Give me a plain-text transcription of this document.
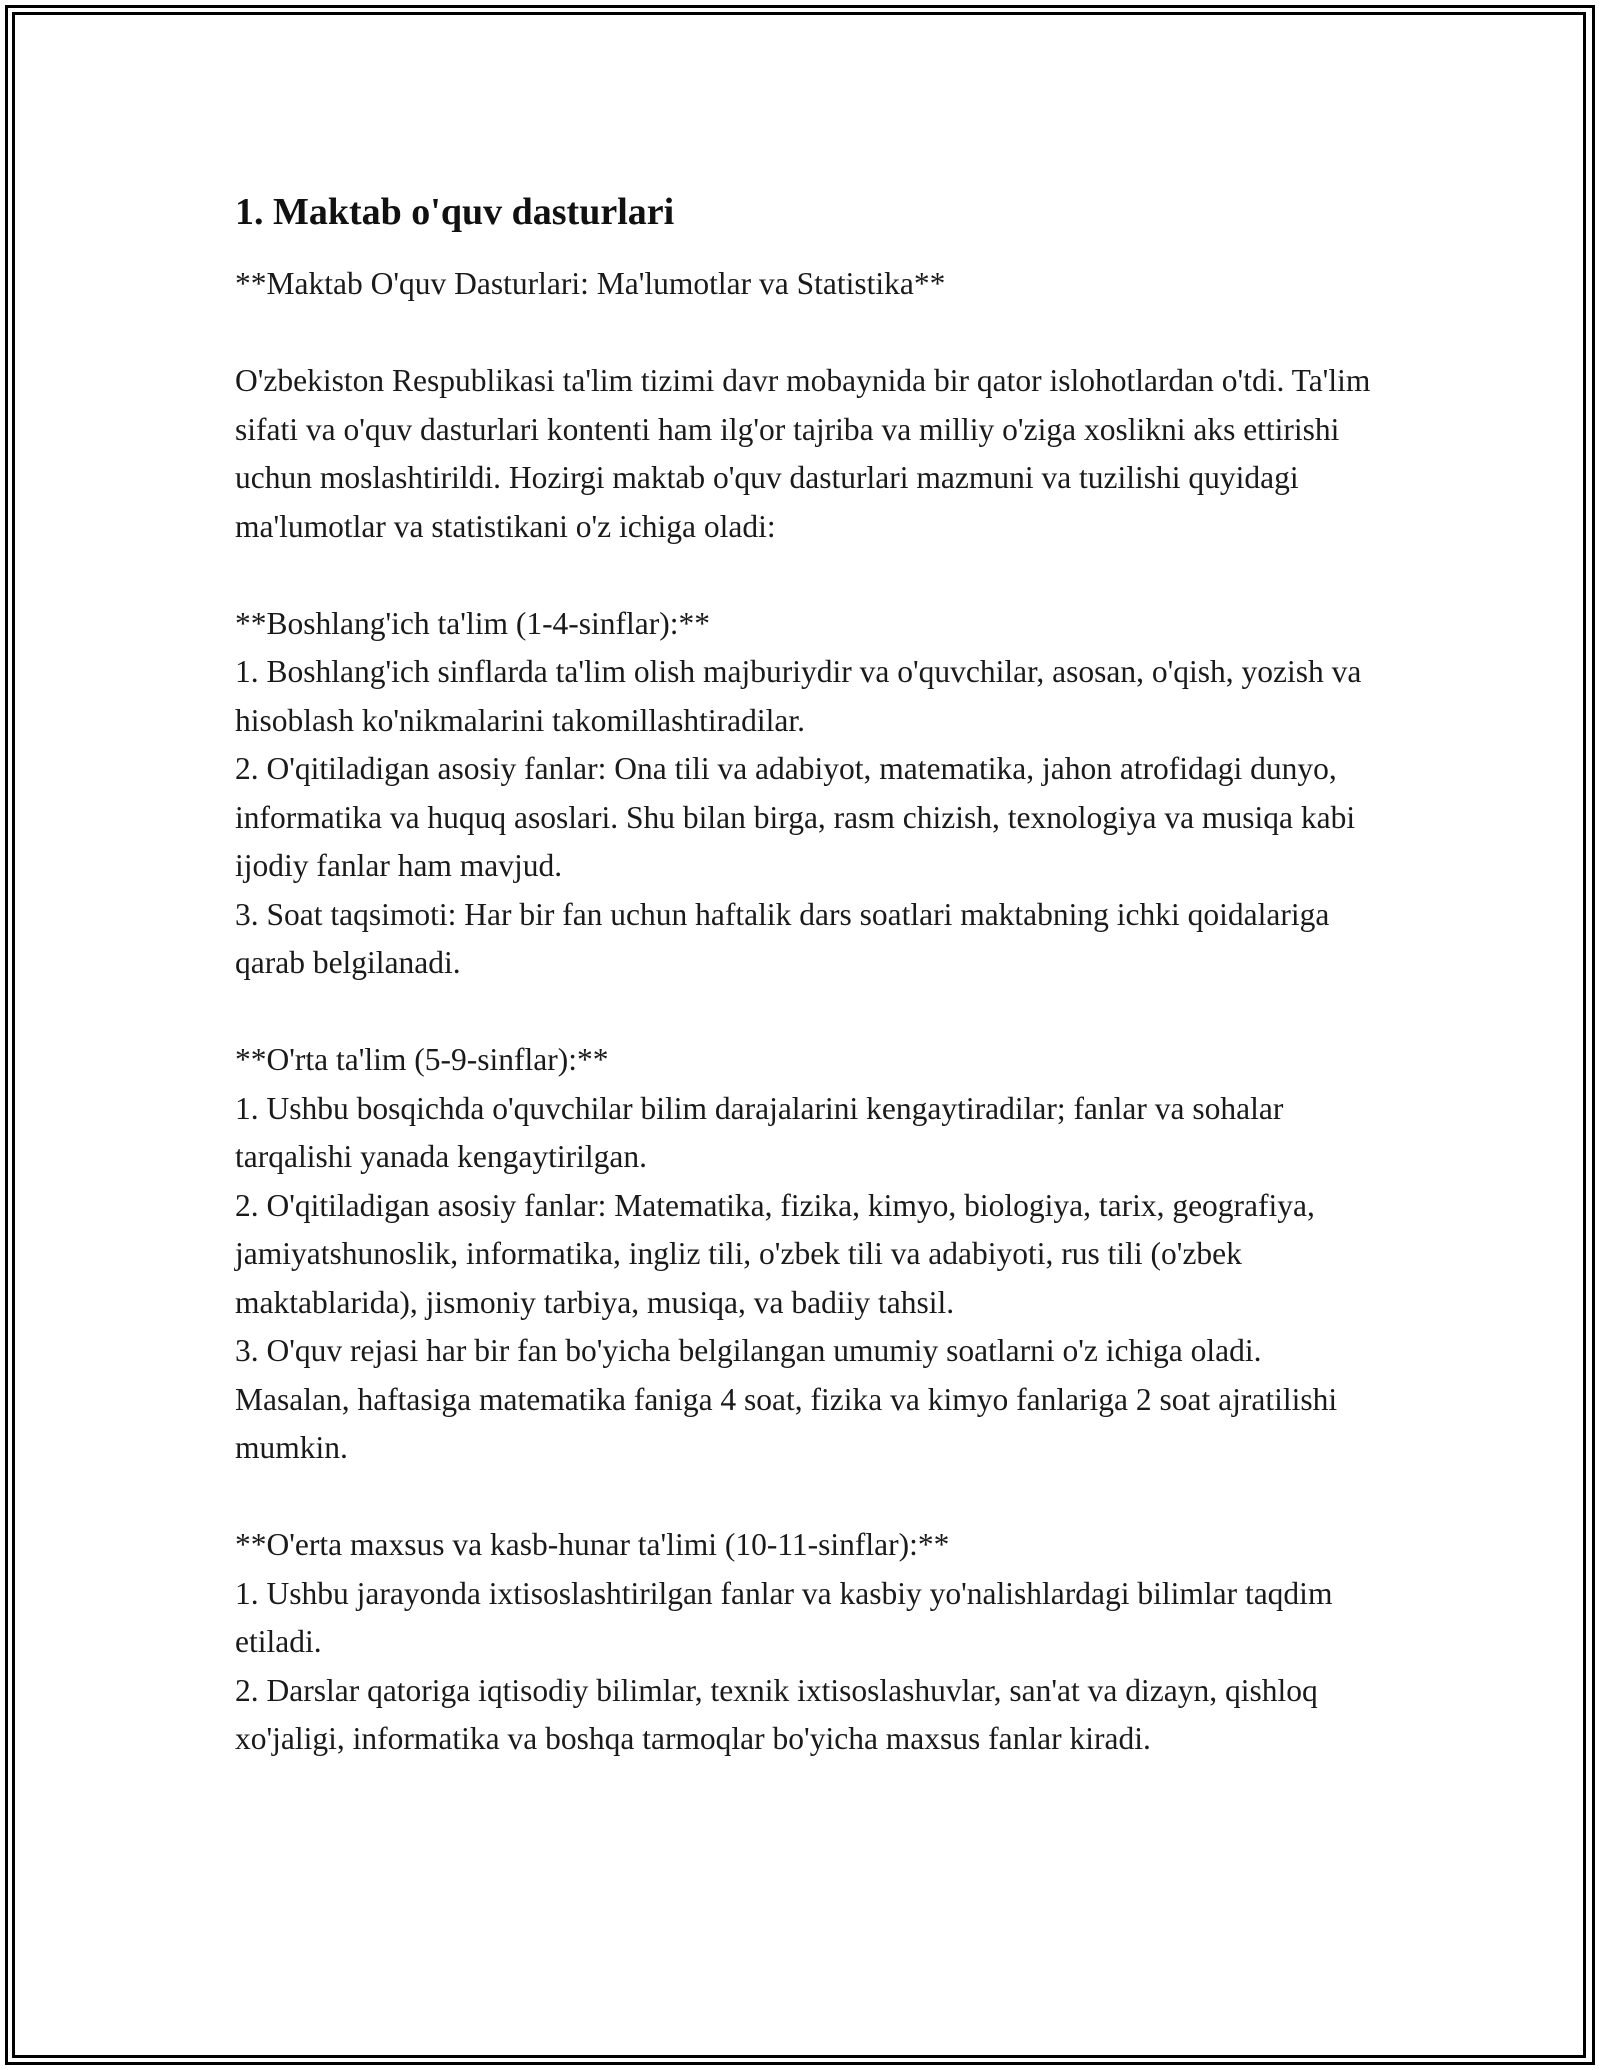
1. Maktab o'quv dasturlari

**Maktab O'quv Dasturlari: Ma'lumotlar va Statistika**

O'zbekiston Respublikasi ta'lim tizimi davr mobaynida bir qator islohotlardan o'tdi. Ta'lim sifati va o'quv dasturlari kontenti ham ilg'or tajriba va milliy o'ziga xoslikni aks ettirishi uchun moslashtirildi. Hozirgi maktab o'quv dasturlari mazmuni va tuzilishi quyidagi ma'lumotlar va statistikani o'z ichiga oladi:

**Boshlang'ich ta'lim (1-4-sinflar):**

1. Boshlang'ich sinflarda ta'lim olish majburiydir va o'quvchilar, asosan, o'qish, yozish va hisoblash ko'nikmalarini takomillashtiradilar.

2. O'qitiladigan asosiy fanlar: Ona tili va adabiyot, matematika, jahon atrofidagi dunyo, informatika va huquq asoslari. Shu bilan birga, rasm chizish, texnologiya va musiqa kabi ijodiy fanlar ham mavjud.

3. Soat taqsimoti: Har bir fan uchun haftalik dars soatlari maktabning ichki qoidalariga qarab belgilanadi.

**O'rta ta'lim (5-9-sinflar):**

1. Ushbu bosqichda o'quvchilar bilim darajalarini kengaytiradilar; fanlar va sohalar tarqalishi yanada kengaytirilgan.

2. O'qitiladigan asosiy fanlar: Matematika, fizika, kimyo, biologiya, tarix, geografiya, jamiyatshunoslik, informatika, ingliz tili, o'zbek tili va adabiyoti, rus tili (o'zbek maktablarida), jismoniy tarbiya, musiqa, va badiiy tahsil.

3. O'quv rejasi har bir fan bo'yicha belgilangan umumiy soatlarni o'z ichiga oladi. Masalan, haftasiga matematika faniga 4 soat, fizika va kimyo fanlariga 2 soat ajratilishi mumkin.

**O'erta maxsus va kasb-hunar ta'limi (10-11-sinflar):**

1. Ushbu jarayonda ixtisoslashtirilgan fanlar va kasbiy yo'nalishlardagi bilimlar taqdim etiladi.

2. Darslar qatoriga iqtisodiy bilimlar, texnik ixtisoslashuvlar, san'at va dizayn, qishloq xo'jaligi, informatika va boshqa tarmoqlar bo'yicha maxsus fanlar kiradi.
